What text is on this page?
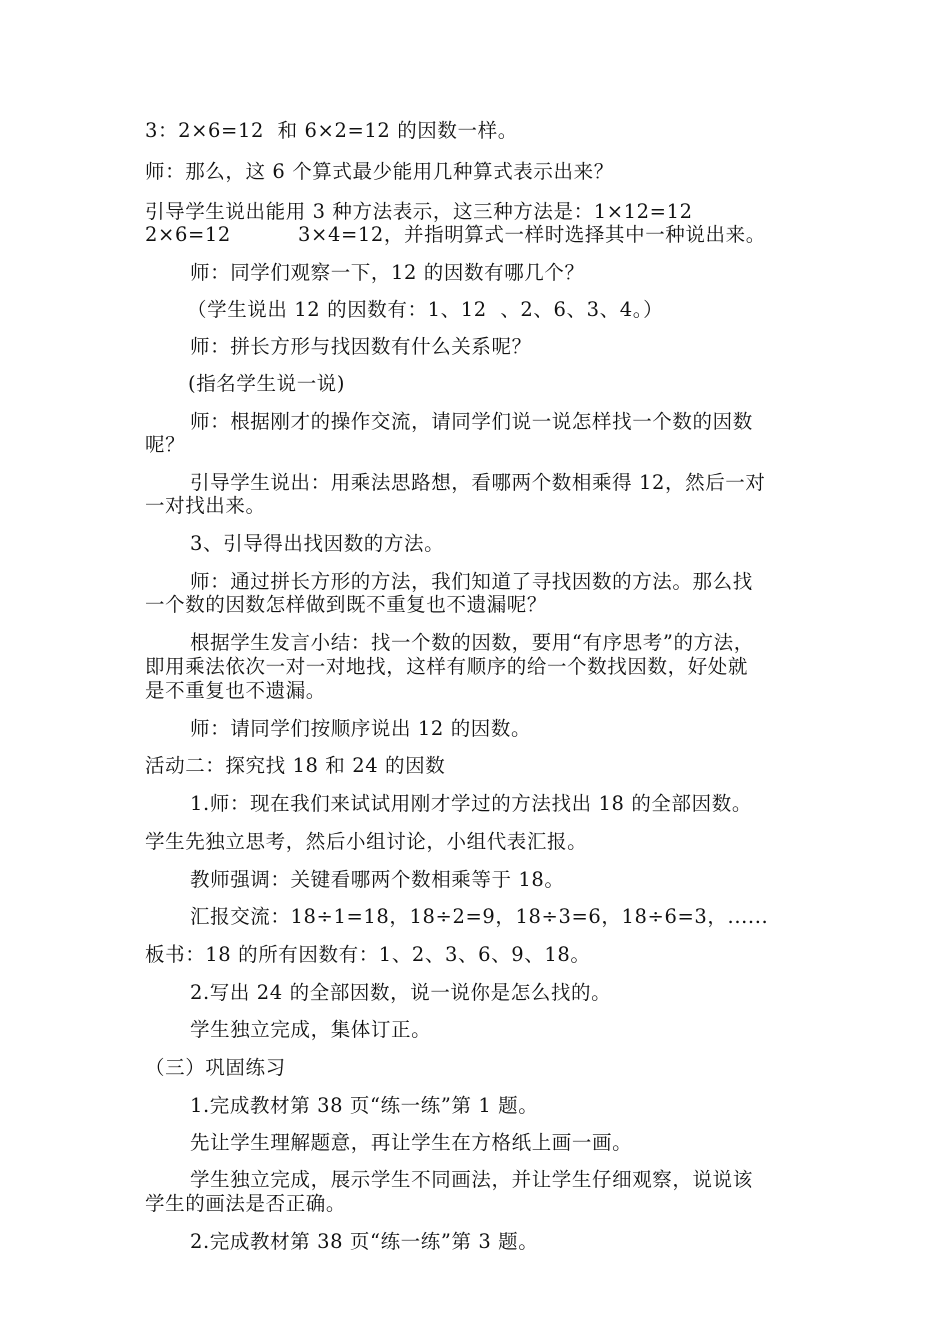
3：2×6=12  和 6×2=12 的因数一样。

师：那么，这 6 个算式最少能用几种算式表示出来？

引导学生说出能用 3 种方法表示，这三种方法是：1×12=12

2×6=12	3×4=12，并指明算式一样时选择其中一种说出来。

师：同学们观察一下，12 的因数有哪几个？

（学生说出 12 的因数有：1、12  、2、6、3、4。）

师：拼长方形与找因数有什么关系呢？

(指名学生说一说)

师：根据刚才的操作交流，请同学们说一说怎样找一个数的因数

呢？

引导学生说出：用乘法思路想，看哪两个数相乘得 12，然后一对

一对找出来。

3、引导得出找因数的方法。

师：通过拼长方形的方法，我们知道了寻找因数的方法。那么找

一个数的因数怎样做到既不重复也不遗漏呢？

根据学生发言小结：找一个数的因数，要用“有序思考”的方法，

即用乘法依次一对一对地找，这样有顺序的给一个数找因数，好处就

是不重复也不遗漏。

师：请同学们按顺序说出 12 的因数。

活动二：探究找 18 和 24 的因数

1.师：现在我们来试试用刚才学过的方法找出 18 的全部因数。

学生先独立思考，然后小组讨论，小组代表汇报。

教师强调：关键看哪两个数相乘等于 18。

汇报交流：18÷1=18，18÷2=9，18÷3=6，18÷6=3，......

板书：18 的所有因数有：1、2、3、6、9、18。

2.写出 24 的全部因数，说一说你是怎么找的。

学生独立完成，集体订正。

（三）巩固练习

1.完成教材第 38 页“练一练”第 1 题。

先让学生理解题意，再让学生在方格纸上画一画。

学生独立完成，展示学生不同画法，并让学生仔细观察，说说该

学生的画法是否正确。

2.完成教材第 38 页“练一练”第 3 题。
